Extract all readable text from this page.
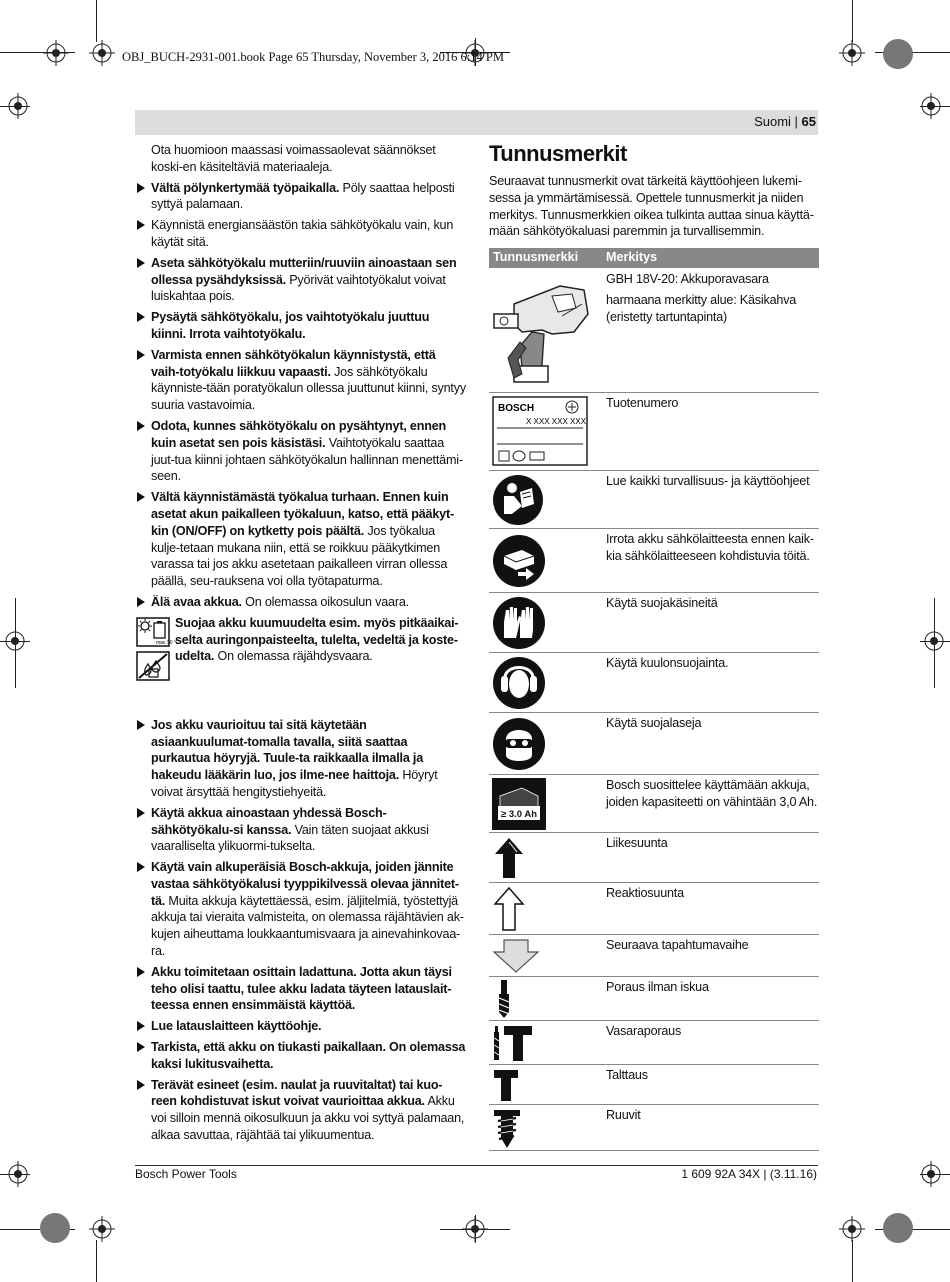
OBJ_BUCH-2931-001.book Page 65 Thursday, November 3, 2016 6:14 PM
Suomi | 65

Ota huomioon maassasi voimassaolevat säännökset koski-en käsiteltäviä materiaaleja.

Vältä pölynkertymää työpaikalla. Pöly saattaa helposti syttyä palamaan.
Käynnistä energiansäästön takia sähkötyökalu vain, kun käytät sitä.
Aseta sähkötyökalu mutteriin/ruuviin ainoastaan sen ollessa pysähdyksissä. Pyörivät vaihtotyökalut voivat luiskahtaa pois.
Pysäytä sähkötyökalu, jos vaihtotyökalu juuttuu kiinni. Irrota vaihtotyökalu.
Varmista ennen sähkötyökalun käynnistystä, että vaih-totyökalu liikkuu vapaasti. Jos sähkötyökalu käynniste-tään poratyökalun ollessa juuttunut kiinni, syntyy suuria vastavoimia.
Odota, kunnes sähkötyökalu on pysähtynyt, ennen kuin asetat sen pois käsistäsi. Vaihtotyökalu saattaa juut-tua kiinni johtaen sähkötyökalun hallinnan menettämi-seen.
Vältä käynnistämästä työkalua turhaan. Ennen kuin asetat akun paikalleen työkaluun, katso, että pääkyt-kin (ON/OFF) on kytketty pois päältä. Jos työkalua kulje-tetaan mukana niin, että se roikkuu pääkytkimen varassa tai jos akku asetetaan paikalleen virran ollessa päällä, seu-rauksena voi olla työtapaturma.
Älä avaa akkua. On olemassa oikosulun vaara.
max. 50 °C
Suojaa akku kuumuudelta esim. myös pitkäaikai-selta auringonpaisteelta, tulelta, vedeltä ja koste-udelta. On olemassa räjähdysvaara.
Jos akku vaurioituu tai sitä käytetään asiaankuulumat-tomalla tavalla, siitä saattaa purkautua höyryjä. Tuule-ta raikkaalla ilmalla ja hakeudu lääkärin luo, jos ilme-nee haittoja. Höyryt voivat ärsyttää hengitystiehyeitä.
Käytä akkua ainoastaan yhdessä Bosch-sähkötyökalu-si kanssa. Vain täten suojaat akkusi vaaralliselta ylikuormi-tukselta.
Käytä vain alkuperäisiä Bosch-akkuja, joiden jännite vastaa sähkötyökalusi tyyppikilvessä olevaa jännitet-tä. Muita akkuja käytettäessä, esim. jäljitelmiä, työstettyjä akkuja tai vieraita valmisteita, on olemassa räjähtävien ak-kujen aiheuttama loukkaantumisvaara ja ainevahinkovaa-ra.
Akku toimitetaan osittain ladattuna. Jotta akun täysi teho olisi taattu, tulee akku ladata täyteen latauslait-teessa ennen ensimmäistä käyttöä.
Lue latauslaitteen käyttöohje.
Tarkista, että akku on tiukasti paikallaan. On olemassa kaksi lukitusvaihetta.
Terävät esineet (esim. naulat ja ruuvitaltat) tai kuo-reen kohdistuvat iskut voivat vaurioittaa akkua. Akku voi silloin mennä oikosulkuun ja akku voi syttyä palamaan, alkaa savuttaa, räjähtää tai ylikuumentua.
Tunnusmerkit
Seuraavat tunnusmerkit ovat tärkeitä käyttöohjeen lukemi-sessa ja ymmärtämisessä. Opettele tunnusmerkit ja niiden merkitys. Tunnusmerkkien oikea tulkinta auttaa sinua käyttä-mään sähkötyökaluasi paremmin ja turvallisemmin.
Tunnusmerkki Merkitys
GBH 18V-20: Akkuporavasara
harmaana merkitty alue: Käsikahva (eristetty tartuntapinta)
BOSCH
X XXX XXX XXX
Tuotenumero
Lue kaikki turvallisuus- ja käyttöohjeet
Irrota akku sähkölaitteesta ennen kaik-kia sähkölaitteeseen kohdistuvia töitä.
Käytä suojakäsineitä
Käytä kuulonsuojainta.
Käytä suojalaseja
≥ 3.0 Ah
Bosch suosittelee käyttämään akkuja, joiden kapasiteetti on vähintään 3,0 Ah.
Liikesuunta
Reaktiosuunta
Seuraava tapahtumavaihe
Poraus ilman iskua
Vasaraporaus
Talttaus
Ruuvit
Bosch Power Tools	1 609 92A 34X | (3.11.16)
